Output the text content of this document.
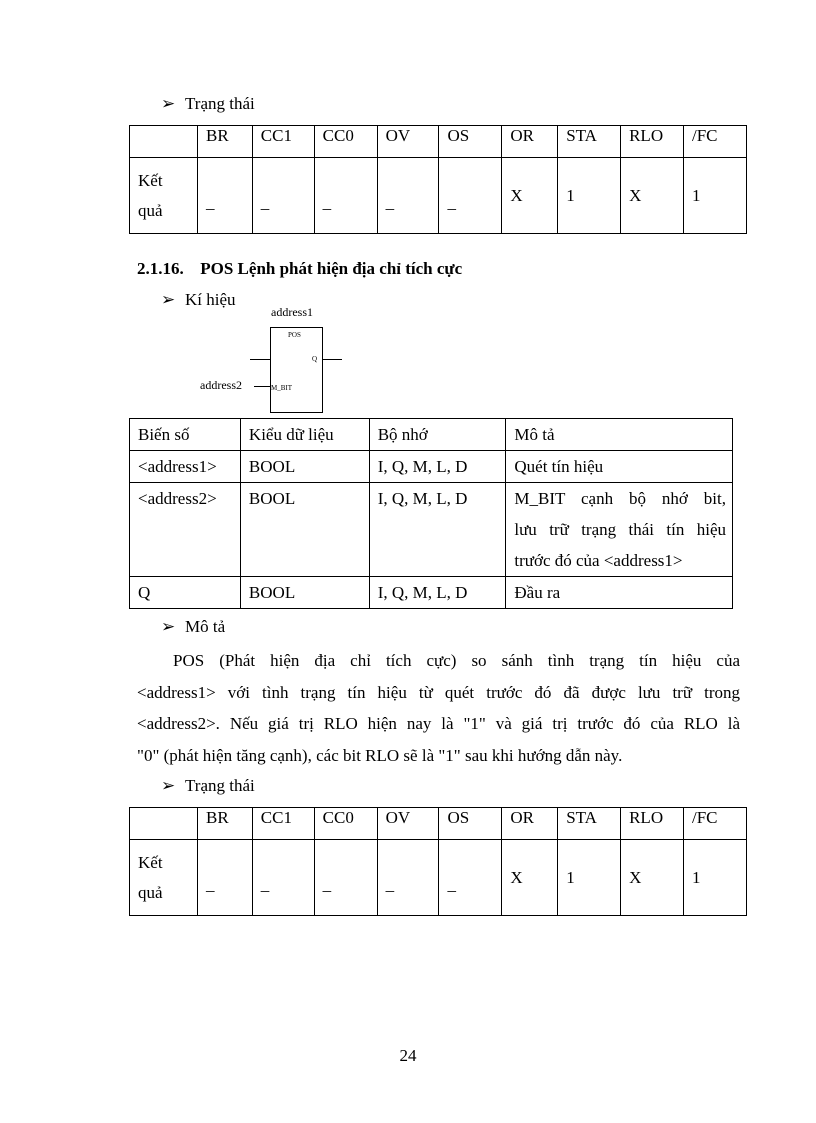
➢ Trạng thái
	BR	CC1	CC0	OV	OS	OR	STA	RLO	/FC

Kết
quả	_	_	_	_	_	X	1	X	1
2.1.16. POS Lệnh phát hiện địa chỉ tích cực
➢ Kí hiệu
address1
POS
Q
M_BIT
address2
Biến số	Kiểu dữ liệu	Bộ nhớ	Mô tả
<address1>	BOOL	I, Q, M, L, D	Quét tín hiệu
<address2>	BOOL	I, Q, M, L, D	M_BIT cạnh bộ nhớ bit,
lưu trữ trạng thái tín hiệu
trước đó của <address1>

Q	BOOL	I, Q, M, L, D	Đầu ra
➢ Mô tả
POS (Phát hiện địa chỉ tích cực) so sánh tình trạng tín hiệu của
<address1> với tình trạng tín hiệu từ quét trước đó đã được lưu trữ trong
<address2>. Nếu giá trị RLO hiện nay là "1" và giá trị trước đó của RLO là
"0" (phát hiện tăng cạnh), các bit RLO sẽ là "1" sau khi hướng dẫn này.
➢ Trạng thái
	BR	CC1	CC0	OV	OS	OR	STA	RLO	/FC

Kết
quả	_	_	_	_	_	X	1	X	1
24
